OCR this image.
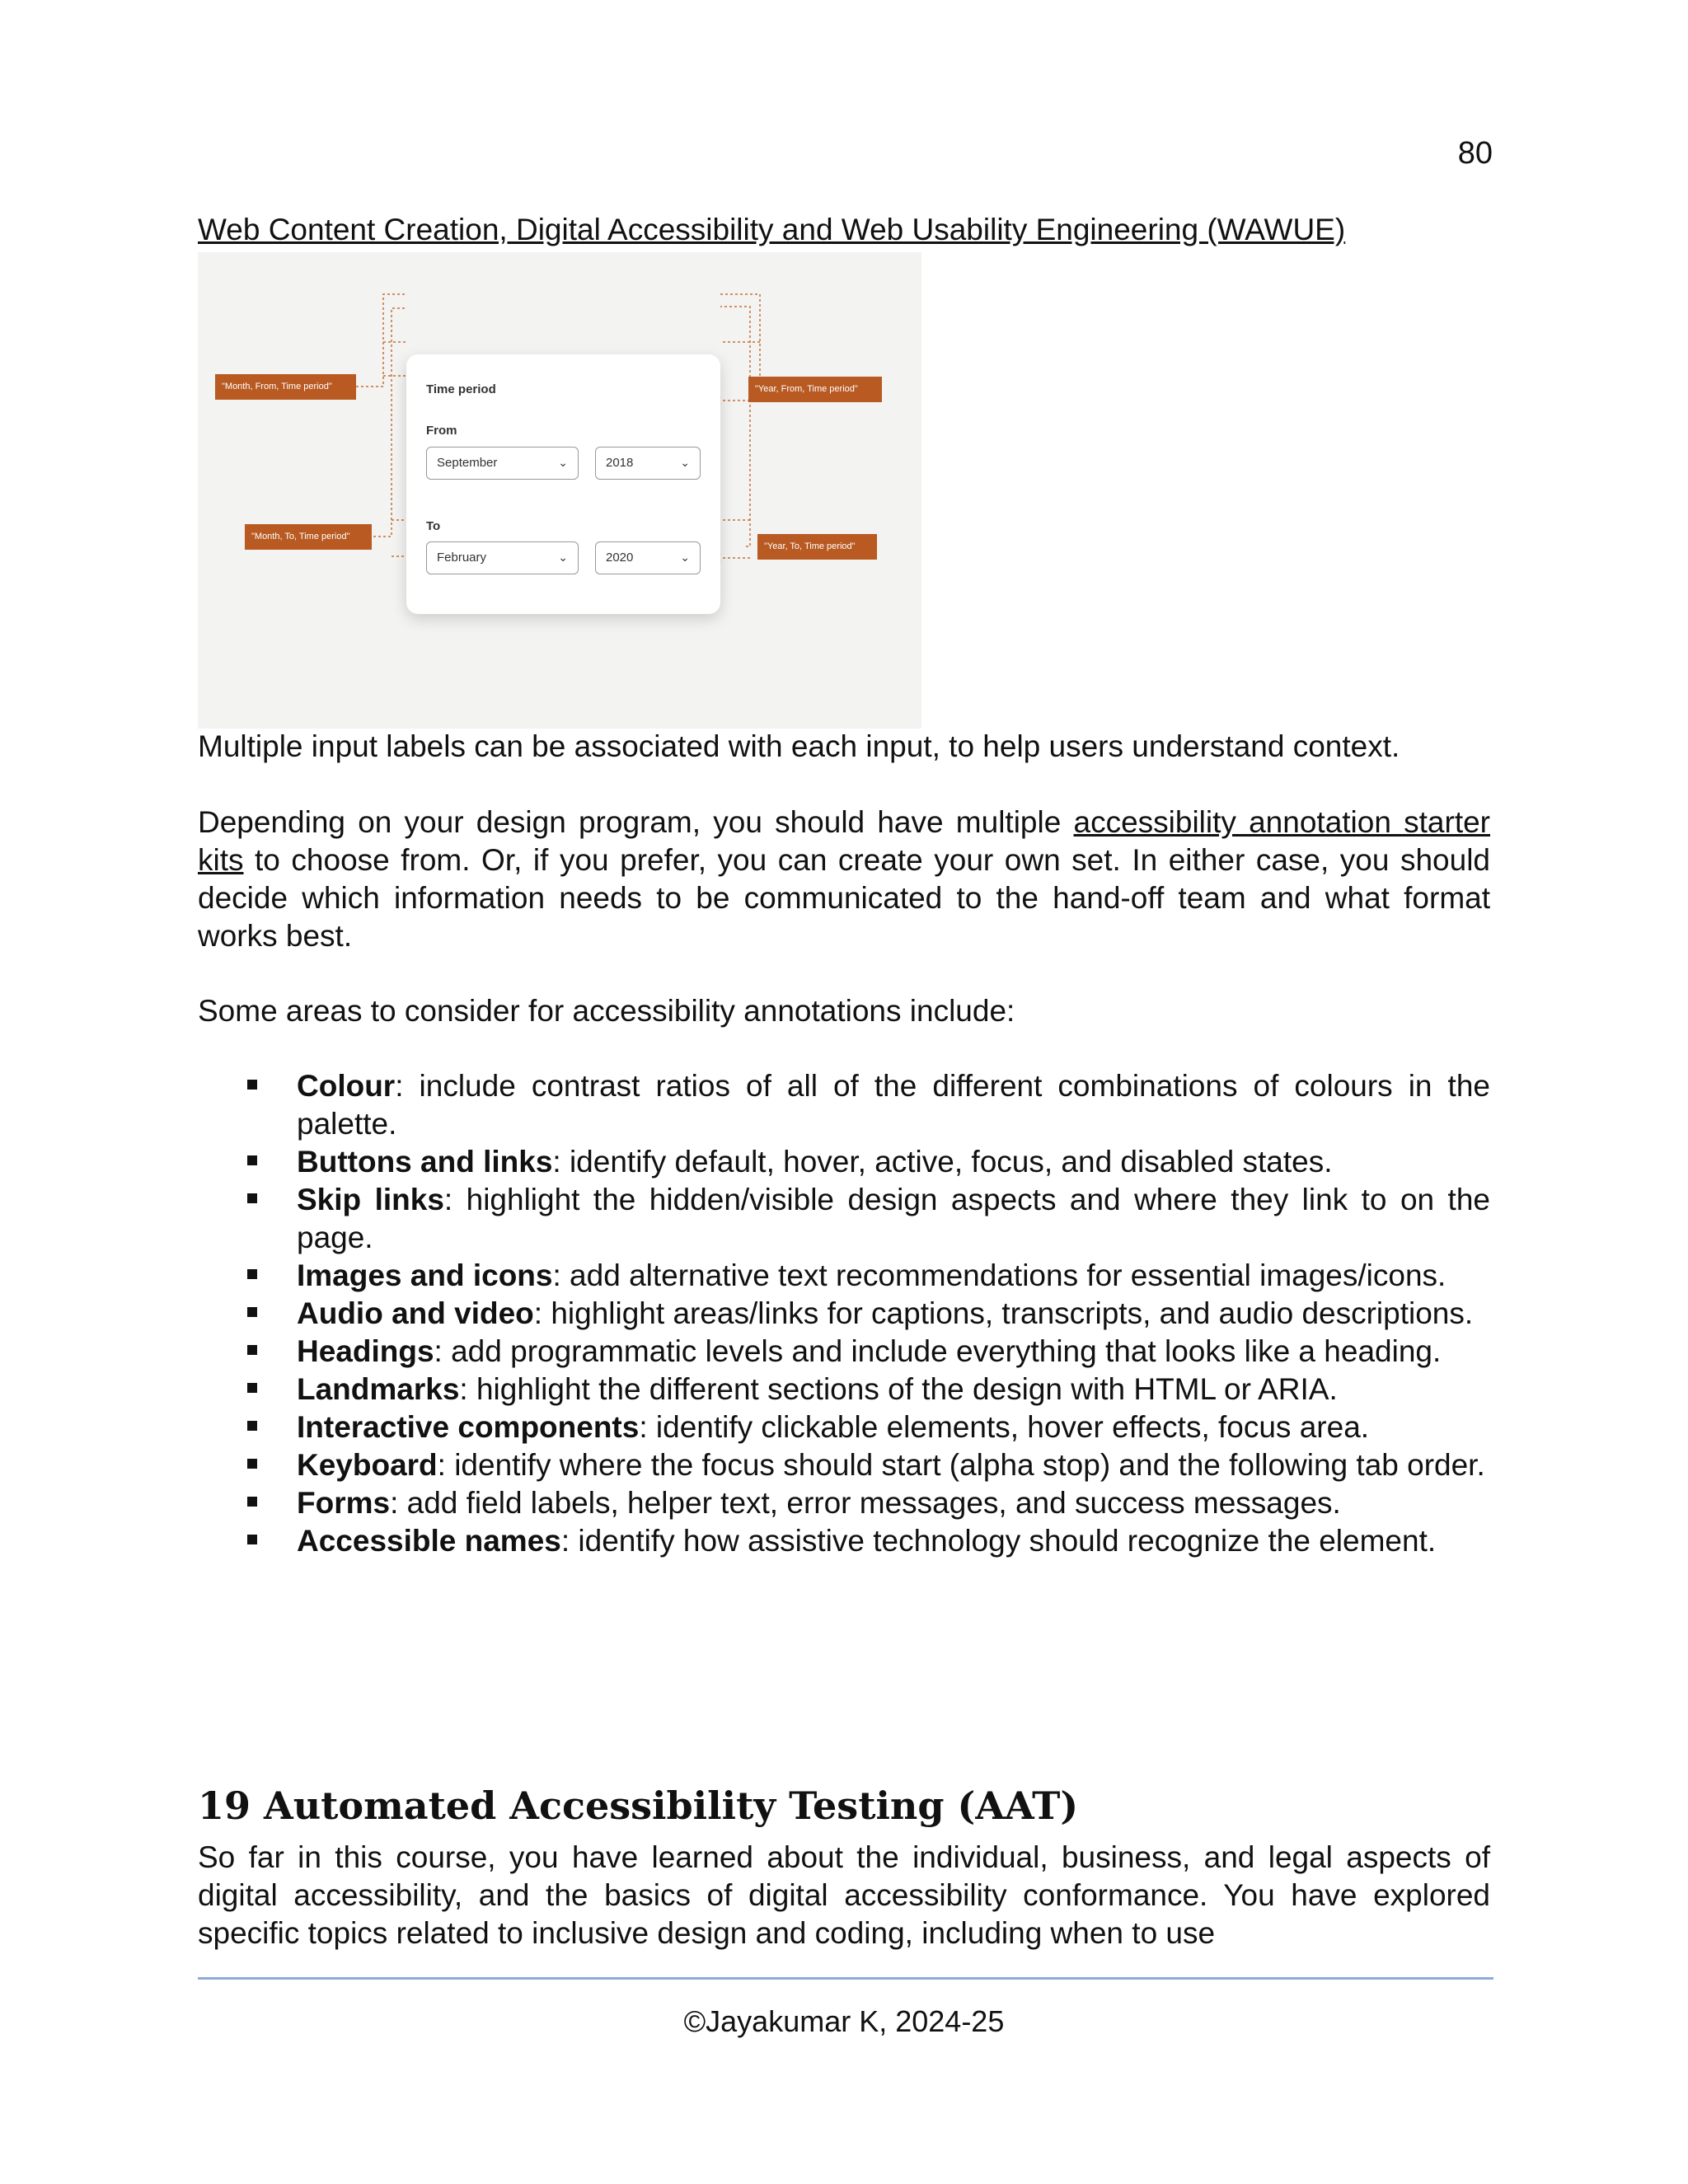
80
Web Content Creation, Digital Accessibility and Web Usability Engineering (WAWUE)
Time period
From
September	⌄	2018	⌄
To
February	⌄	2020	⌄
"Month, From, Time period"	"Year, From, Time period"
"Month, To, Time period"
"Year, To, Time period"

Multiple input labels can be associated with each input, to help users understand context.

Depending on your design program, you should have multiple accessibility annotation starter kits to choose from. Or, if you prefer, you can create your own set. In either case, you should decide which information needs to be communicated to the hand-off team and what format works best.

Some areas to consider for accessibility annotations include:

Colour: include contrast ratios of all of the different combinations of colours in the palette.
Buttons and links: identify default, hover, active, focus, and disabled states.
Skip links: highlight the hidden/visible design aspects and where they link to on the page.
Images and icons: add alternative text recommendations for essential images/icons.
Audio and video: highlight areas/links for captions, transcripts, and audio descriptions.
Headings: add programmatic levels and include everything that looks like a heading.
Landmarks: highlight the different sections of the design with HTML or ARIA.
Interactive components: identify clickable elements, hover effects, focus area.
Keyboard: identify where the focus should start (alpha stop) and the following tab order.
Forms: add field labels, helper text, error messages, and success messages.
Accessible names: identify how assistive technology should recognize the element.
19 Automated Accessibility Testing (AAT)

So far in this course, you have learned about the individual, business, and legal aspects of digital accessibility, and the basics of digital accessibility conformance. You have explored specific topics related to inclusive design and coding, including when to use

©Jayakumar K, 2024-25
